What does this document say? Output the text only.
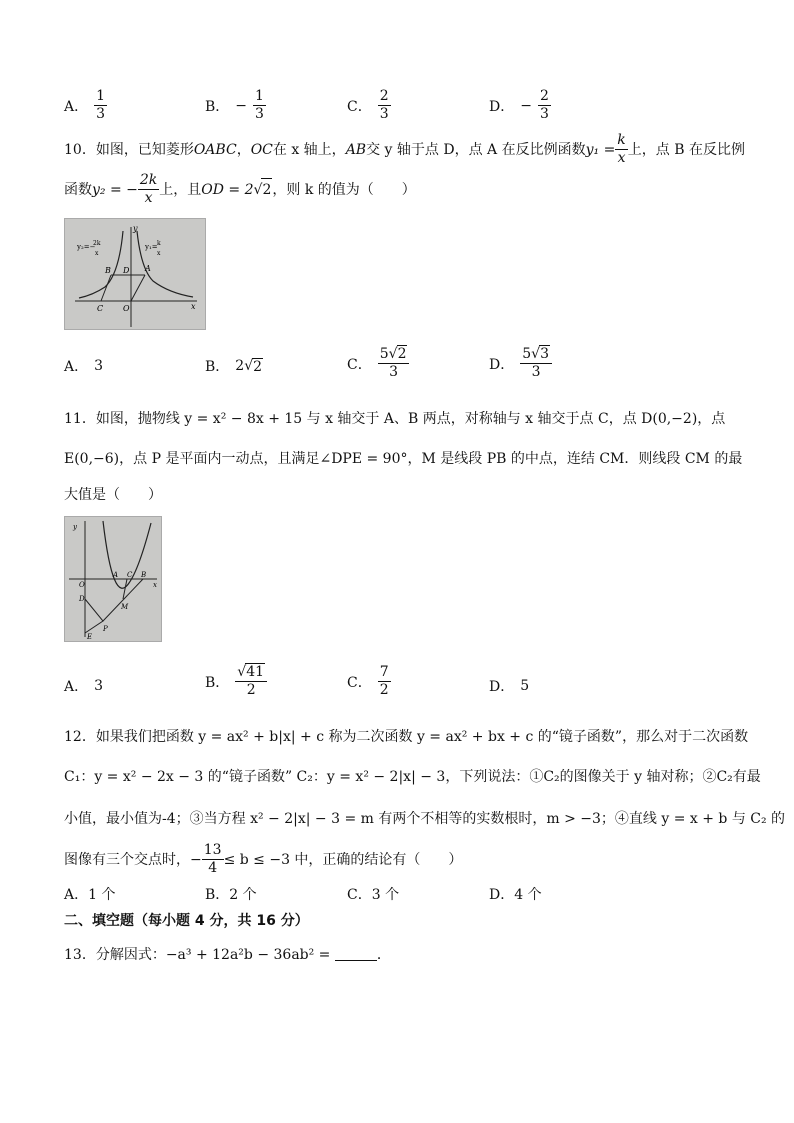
A． $\frac{1}{3}$	B． − $\frac{1}{3}$	C． $\frac{2}{3}$	D． − $\frac{2}{3}$
10．如图，已知菱形 OABC ， OC 在 x 轴上， AB 交 y 轴于点 D，点 A 在反比例函数 $y_1 = \frac{k}{x}$ 上，点 B 在反比例
函数 y₂ = − $\frac{2k}{x}$ 上，且 OD = 2 √ 2 ，则 k 的值为（　　）
y₂=−
2k
x
y₁= k
x
y
x
B D A
C O
A． 3	B． 2 √ 2	C． $\frac{5√2}{3}$	D． $\frac{5√3}{3}$
11．如图，抛物线 y = x² − 8x + 15 与 x 轴交于 A、B 两点，对称轴与 x 轴交于点 C，点 D(0,−2)，点
E(0,−6)，点 P 是平面内一动点，且满足∠DPE = 90°，M 是线段 PB 的中点，连结 CM．则线段 CM 的最
大值是（　　）
y
x
O
A C B
D
M
P
E
A． 3	B． $\frac{√41}{2}$	C． $\frac{7}{2}$	D． 5
12．如果我们把函数 y = ax² + b|x| + c 称为二次函数 y = ax² + bx + c 的“镜子函数”，那么对于二次函数
C₁：y = x² − 2x − 3 的“镜子函数” C₂：y = x² − 2|x| − 3，下列说法：①C₂的图像关于 y 轴对称；②C₂有最
小值，最小值为-4；③当方程 x² − 2|x| − 3 = m 有两个不相等的实数根时，m > −3；④直线 y = x + b 与 C₂ 的
图像有三个交点时，− $\frac{13}{4} \le b \le -3$ 中，正确的结论有（　　）
A．1 个	B．2 个	C．3 个	D．4 个
二、填空题（每小题 4 分，共 16 分）
13．分解因式：−a³ + 12a²b − 36ab² =	．
